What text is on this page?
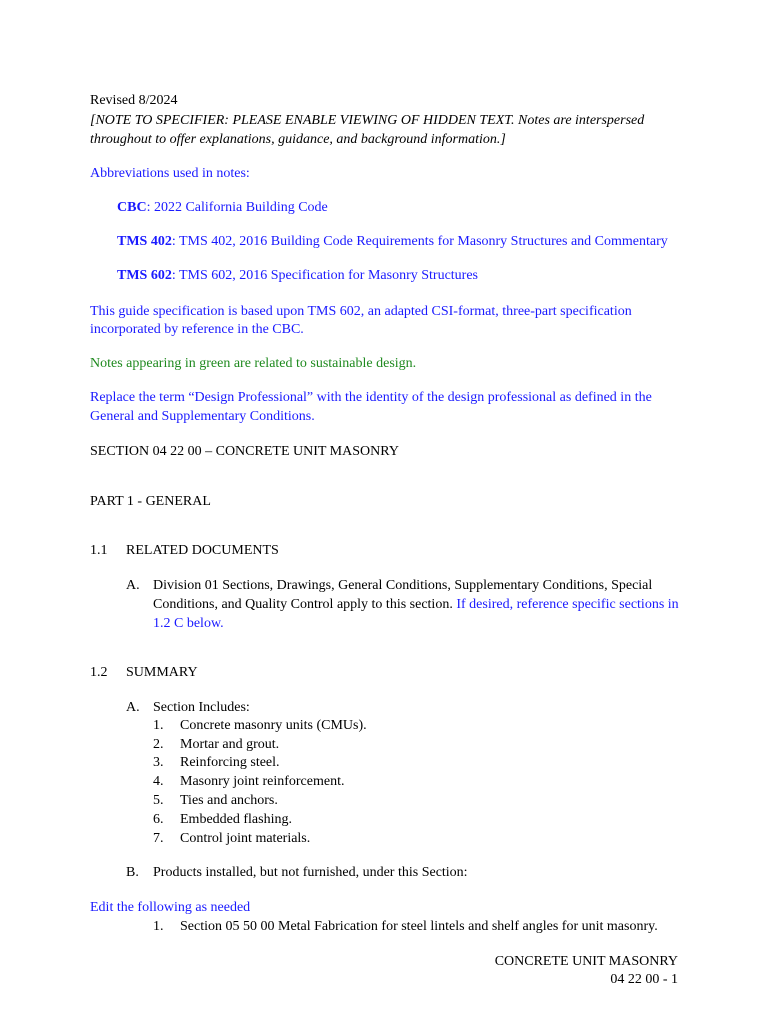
Revised 8/2024
[NOTE TO SPECIFIER: PLEASE ENABLE VIEWING OF HIDDEN TEXT. Notes are interspersed
throughout to offer explanations, guidance, and background information.]
Abbreviations used in notes:
CBC: 2022 California Building Code
TMS 402: TMS 402, 2016 Building Code Requirements for Masonry Structures and Commentary
TMS 602: TMS 602, 2016 Specification for Masonry Structures
This guide specification is based upon TMS 602, an adapted CSI-format, three-part specification
incorporated by reference in the CBC.
Notes appearing in green are related to sustainable design.
Replace the term “Design Professional” with the identity of the design professional as defined in the
General and Supplementary Conditions.
SECTION 04 22 00 – CONCRETE UNIT MASONRY
PART 1 - GENERAL
1.1 RELATED DOCUMENTS
A. Division 01 Sections, Drawings, General Conditions, Supplementary Conditions, Special
Conditions, and Quality Control apply to this section. If desired, reference specific sections in
1.2 C below.
1.2 SUMMARY
A. Section Includes:
1. Concrete masonry units (CMUs).
2. Mortar and grout.
3. Reinforcing steel.
4. Masonry joint reinforcement.
5. Ties and anchors.
6. Embedded flashing.
7. Control joint materials.
B. Products installed, but not furnished, under this Section:
Edit the following as needed
1. Section 05 50 00 Metal Fabrication for steel lintels and shelf angles for unit masonry.
CONCRETE UNIT MASONRY
04 22 00 - 1
